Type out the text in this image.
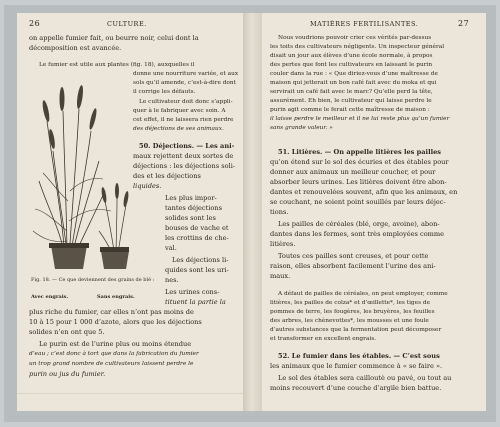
26	CULTURE.
on appelle fumier fait, ou beurre noir, celui dont la
décomposition est avancée.
Le fumier est utile aux plantes (fig. 18), auxquelles il
donne une nourriture variée, et aux
sols qu’il amende, c’est-à-dire dont
il corrige les défauts.
Le cultivateur doit donc s’appli-
quer à le fabriquer avec soin. A
cet effet, il ne laissera rien perdre
des déjections de ses animaux.
50. Déjections. — Les ani-
maux rejettent deux sortes de
déjections : les déjections soli-
des et les déjections
liquides.
Les plus impor-
tantes déjections
solides sont les
bouses de vache et
les crottins de che-
val.
Les déjections li-
quides sont les uri-
nes.
Les urines cons-
tituent la partie la
plus riche du fumier, car elles n’ont pas moins de
10 à 15 pour 1 000 d’azote, alors que les déjections
solides n’en ont que 5.
Le purin est de l’urine plus ou moins étendue
d’eau ; c’est donc à tort que dans la fabrication du fumier
un trop grand nombre de cultivateurs laissent perdre le
purin ou jus du fumier.
Fig. 18. — Ce que deviennent des grains de blé :
Avec engrais.	Sans engrais.
MATIÈRES FERTILISANTES.	27
Nous voudrions pouvoir crier ces vérités par-dessus
les toits des cultivateurs négligents. Un inspecteur général
disait un jour aux élèves d’une école normale, à propos
des pertes que font les cultivateurs en laissant le purin
couler dans la rue : « Que diriez-vous d’une maîtresse de
maison qui jetterait un bon café fait avec du moka et qui
servirait un café fait avec le marc? Qu’elle perd la tête,
assurément. Eh bien, le cultivateur qui laisse perdre le
purin agit comme le ferait cette maîtresse de maison :
il laisse perdre le meilleur et il ne lui reste plus qu’un fumier
sans grande valeur. »
51. Litières. — On appelle litières les pailles
qu’on étend sur le sol des écuries et des étables pour
donner aux animaux un meilleur coucher, et pour
absorber leurs urines. Les litières doivent être abon-
dantes et renouvelées souvent, afin que les animaux, en
se couchant, ne soient point souillés par leurs déjec-
tions.
Les pailles de céréales (blé, orge, avoine), abon-
dantes dans les fermes, sont très employées comme
litières.
Toutes ces pailles sont creuses, et pour cette
raison, elles absorbent facilement l’urine des ani-
maux.
A défaut de pailles de céréales, on peut employer, comme
litières, les pailles de colza* et d’œillette*, les tiges de
pommes de terre, les fougères, les bruyères, les feuilles
des arbres, les chènevottes*, les mousses et une foule
d’autres substances que la fermentation peut décomposer
et transformer en excellent engrais.
52. Le fumier dans les étables. — C’est sous
les animaux que le fumier commence à « se faire ».
Le sol des étables sera cailloutè ou pavé, ou tout au
moins recouvert d’une couche d’argile bien battue.
